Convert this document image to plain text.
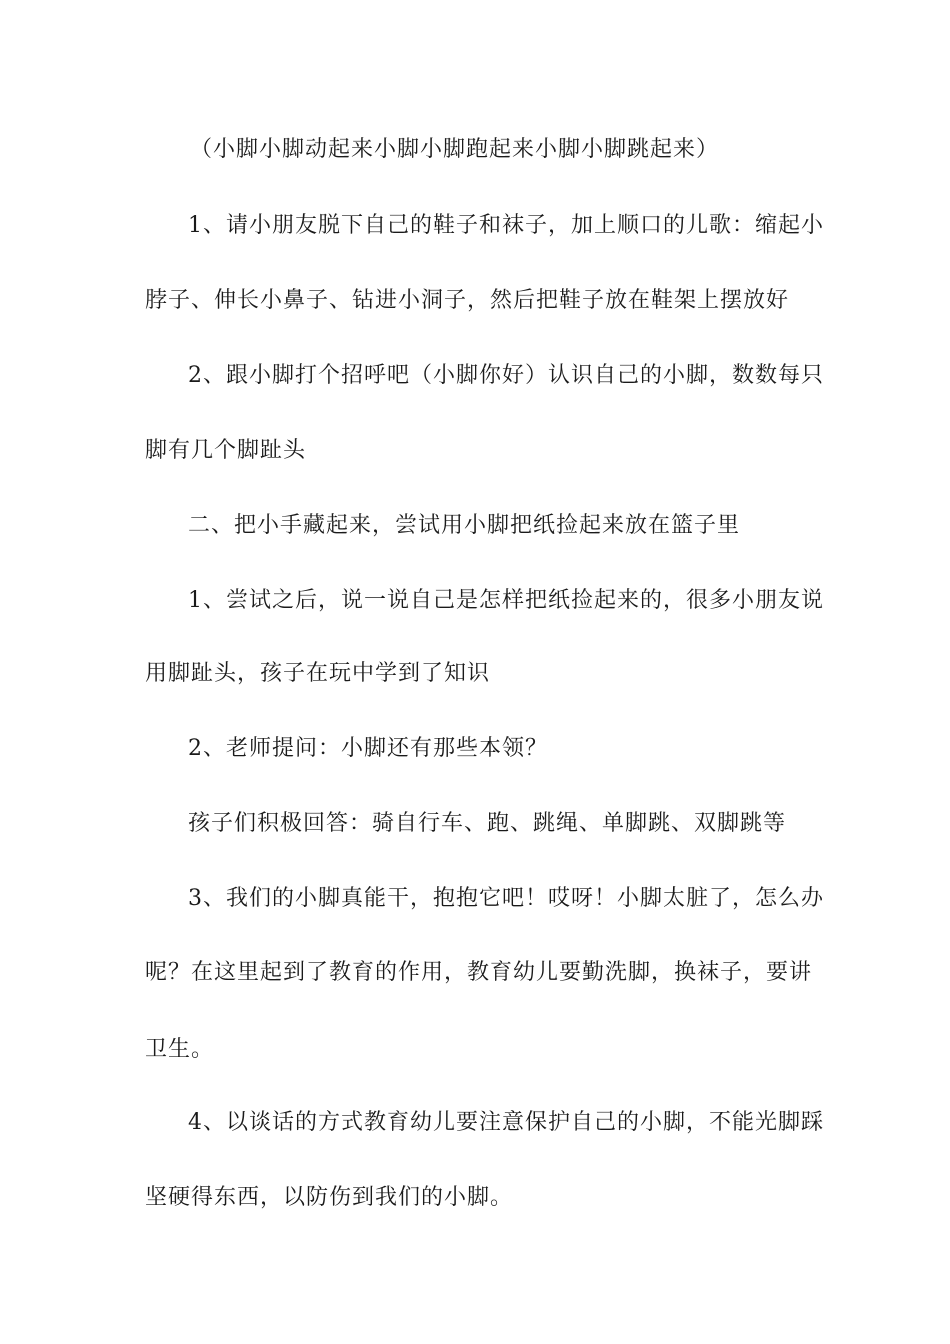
（小脚小脚动起来小脚小脚跑起来小脚小脚跳起来）
1、请小朋友脱下自己的鞋子和袜子，加上顺口的儿歌：缩起小
脖子、伸长小鼻子、钻进小洞子，然后把鞋子放在鞋架上摆放好
2、跟小脚打个招呼吧（小脚你好）认识自己的小脚，数数每只
脚有几个脚趾头
二、把小手藏起来，尝试用小脚把纸捡起来放在篮子里
1、尝试之后，说一说自己是怎样把纸捡起来的，很多小朋友说
用脚趾头，孩子在玩中学到了知识
2、老师提问：小脚还有那些本领？
孩子们积极回答：骑自行车、跑、跳绳、单脚跳、双脚跳等
3、我们的小脚真能干，抱抱它吧！哎呀！小脚太脏了，怎么办
呢？在这里起到了教育的作用，教育幼儿要勤洗脚，换袜子，要讲
卫生。
4、以谈话的方式教育幼儿要注意保护自己的小脚，不能光脚踩
坚硬得东西，以防伤到我们的小脚。
